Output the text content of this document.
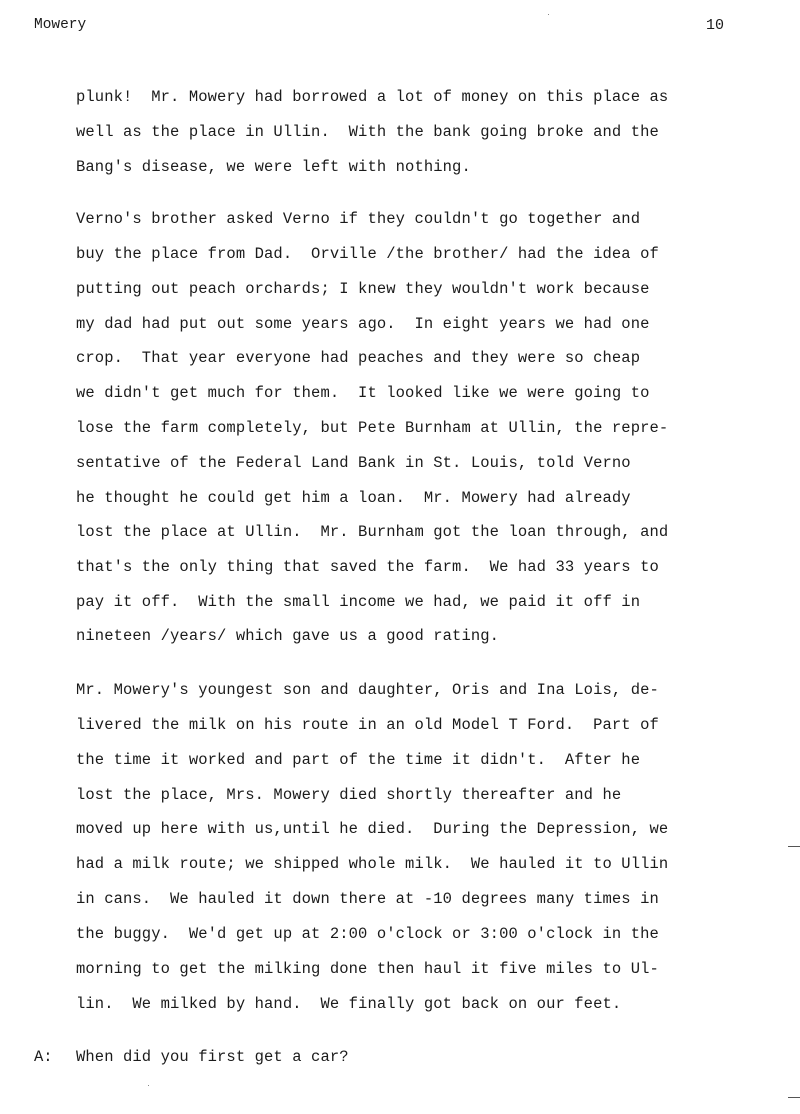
Mowery	10
plunk!  Mr. Mowery had borrowed a lot of money on this place as
well as the place in Ullin.  With the bank going broke and the
Bang's disease, we were left with nothing.
Verno's brother asked Verno if they couldn't go together and
buy the place from Dad.  Orville /the brother/ had the idea of
putting out peach orchards; I knew they wouldn't work because
my dad had put out some years ago.  In eight years we had one
crop.  That year everyone had peaches and they were so cheap
we didn't get much for them.  It looked like we were going to
lose the farm completely, but Pete Burnham at Ullin, the repre-
sentative of the Federal Land Bank in St. Louis, told Verno
he thought he could get him a loan.  Mr. Mowery had already
lost the place at Ullin.  Mr. Burnham got the loan through, and
that's the only thing that saved the farm.  We had 33 years to
pay it off.  With the small income we had, we paid it off in
nineteen /years/ which gave us a good rating.
Mr. Mowery's youngest son and daughter, Oris and Ina Lois, de-
livered the milk on his route in an old Model T Ford.  Part of
the time it worked and part of the time it didn't.  After he
lost the place, Mrs. Mowery died shortly thereafter and he
moved up here with us,until he died.  During the Depression, we
had a milk route; we shipped whole milk.  We hauled it to Ullin
in cans.  We hauled it down there at -10 degrees many times in
the buggy.  We'd get up at 2:00 o'clock or 3:00 o'clock in the
morning to get the milking done then haul it five miles to Ul-
lin.  We milked by hand.  We finally got back on our feet.
A: When did you first get a car?
